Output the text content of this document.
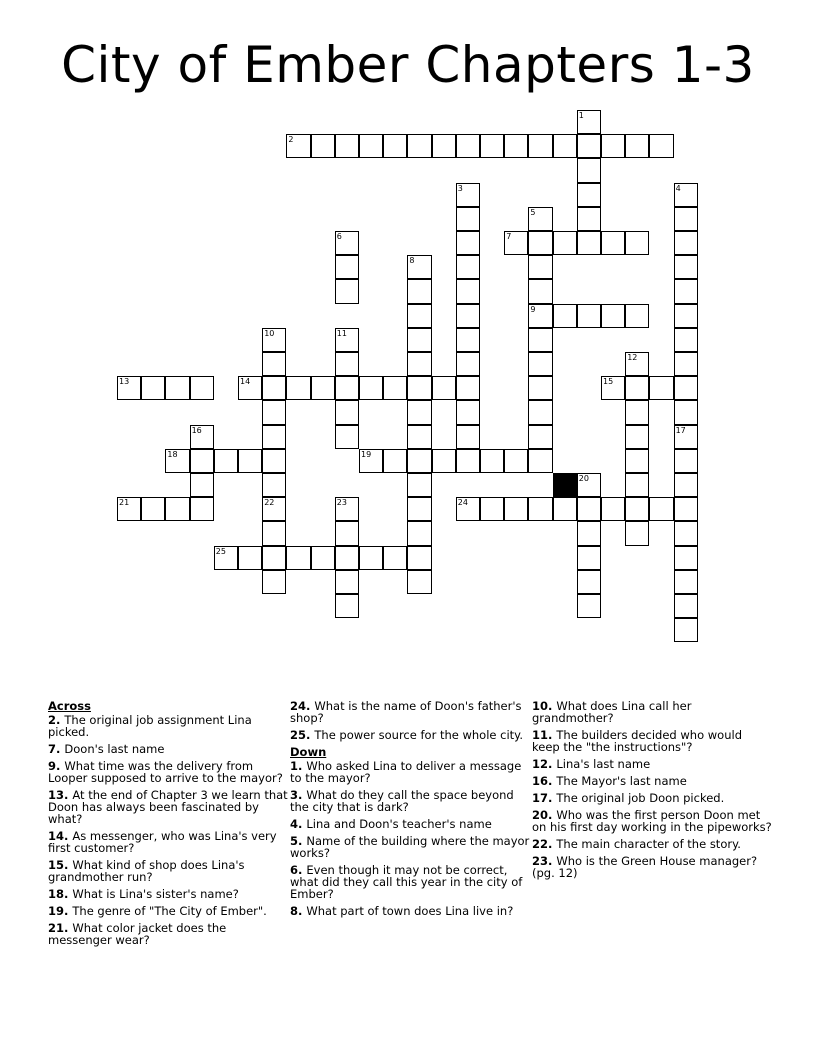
City of Ember Chapters 1-3
1
2
3	4
5
6	7
8
9
10	11
12
13	14	15
16	17
18	19
20
21	22	23	24
25
Across
2. The original job assignment Lina picked.
7. Doon's last name
9. What time was the delivery from Looper supposed to arrive to the mayor?
13. At the end of Chapter 3 we learn that Doon has always been fascinated by what?
14. As messenger, who was Lina's very first customer?
15. What kind of shop does Lina's grandmother run?
18. What is Lina's sister's name?
19. The genre of "The City of Ember".
21. What color jacket does the messenger wear?
24. What is the name of Doon's father's shop?
25. The power source for the whole city.
Down
1. Who asked Lina to deliver a message to the mayor?
3. What do they call the space beyond the city that is dark?
4. Lina and Doon's teacher's name
5. Name of the building where the mayor works?
6. Even though it may not be correct, what did they call this year in the city of Ember?
8. What part of town does Lina live in?
10. What does Lina call her grandmother?
11. The builders decided who would keep the "the instructions"?
12. Lina's last name
16. The Mayor's last name
17. The original job Doon picked.
20. Who was the first person Doon met on his first day working in the pipeworks?
22. The main character of the story.
23. Who is the Green House manager? (pg. 12)
